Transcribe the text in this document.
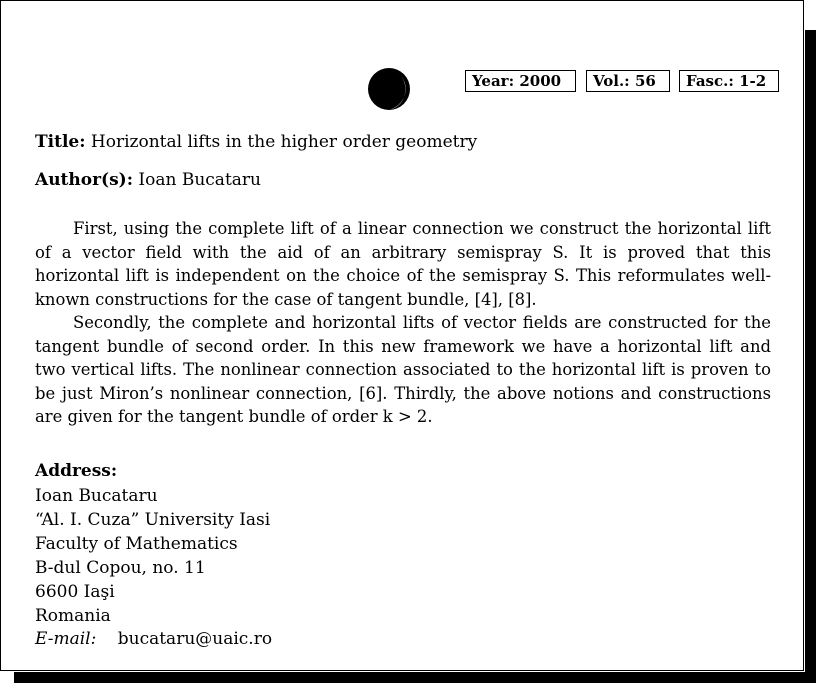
Year: 2000	Vol.: 56	Fasc.: 1-2
Title: Horizontal lifts in the higher order geometry
Author(s): Ioan Bucataru

First, using the complete lift of a linear connection we construct the horizontal lift of a vector field with the aid of an arbitrary semispray S. It is proved that this horizontal lift is independent on the choice of the semispray S. This reformulates well-known constructions for the case of tangent bundle, [4], [8].

Secondly, the complete and horizontal lifts of vector fields are constructed for the tangent bundle of second order. In this new framework we have a horizontal lift and two vertical lifts. The nonlinear connection associated to the horizontal lift is proven to be just Miron’s nonlinear connection, [6]. Thirdly, the above notions and constructions are given for the tangent bundle of order k > 2.

Address:
Ioan Bucataru
“Al. I. Cuza” University Iasi
Faculty of Mathematics
B-dul Copou, no. 11
6600 Iaşi
Romania
E-mail: bucataru@uaic.ro
